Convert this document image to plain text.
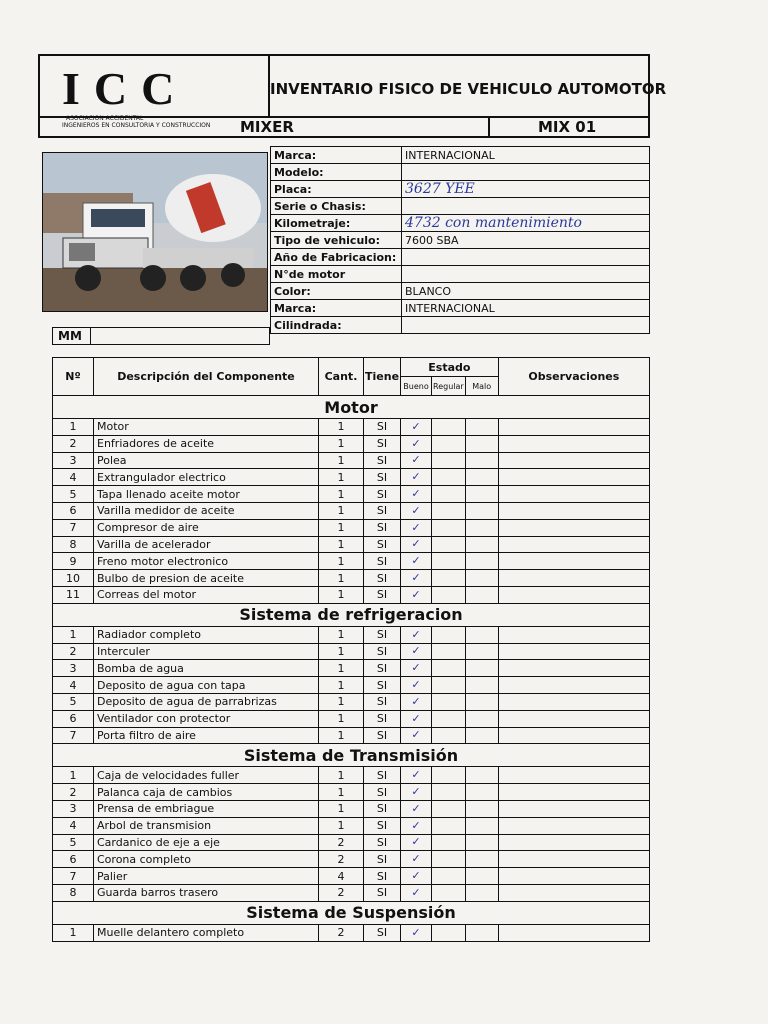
ICC
ASOCIACION ACCIDENTAL
INGENIEROS EN CONSULTORIA Y CONSTRUCCION
INVENTARIO FISICO DE VEHICULO AUTOMOTOR
MIXER	MIX 01
MM
Marca:	INTERNACIONAL
Modelo:	
Placa:	3627 YEE
Serie o Chasis:	
Kilometraje:	4732 con mantenimiento
Tipo de vehiculo:	7600 SBA
Año de Fabricacion:	
N°de motor	
Color:	BLANCO
Marca:	INTERNACIONAL
Cilindrada:	
Nº	Descripción del Componente	Cant.	Tiene	Estado			Observaciones
				Bueno	Regular	Malo	
Motor							
1	Motor	1	SI	✓			
2	Enfriadores de aceite	1	SI	✓			
3	Polea	1	SI	✓			
4	Extrangulador electrico	1	SI	✓			
5	Tapa llenado aceite motor	1	SI	✓			
6	Varilla medidor de aceite	1	SI	✓			
7	Compresor de aire	1	SI	✓			
8	Varilla de acelerador	1	SI	✓			
9	Freno motor electronico	1	SI	✓			
10	Bulbo de presion de aceite	1	SI	✓			
11	Correas del motor	1	SI	✓			
Sistema de refrigeracion							
1	Radiador completo	1	SI	✓			
2	Interculer	1	SI	✓			
3	Bomba de agua	1	SI	✓			
4	Deposito de agua con tapa	1	SI	✓			
5	Deposito de agua de parrabrizas	1	SI	✓			
6	Ventilador con protector	1	SI	✓			
7	Porta filtro de aire	1	SI	✓			
Sistema de Transmisión							
1	Caja de velocidades fuller	1	SI	✓			
2	Palanca caja de cambios	1	SI	✓			
3	Prensa de embriague	1	SI	✓			
4	Arbol de transmision	1	SI	✓			
5	Cardanico de eje a eje	2	SI	✓			
6	Corona completo	2	SI	✓			
7	Palier	4	SI	✓			
8	Guarda barros trasero	2	SI	✓			
Sistema de Suspensión							
1	Muelle delantero completo	2	SI	✓			
